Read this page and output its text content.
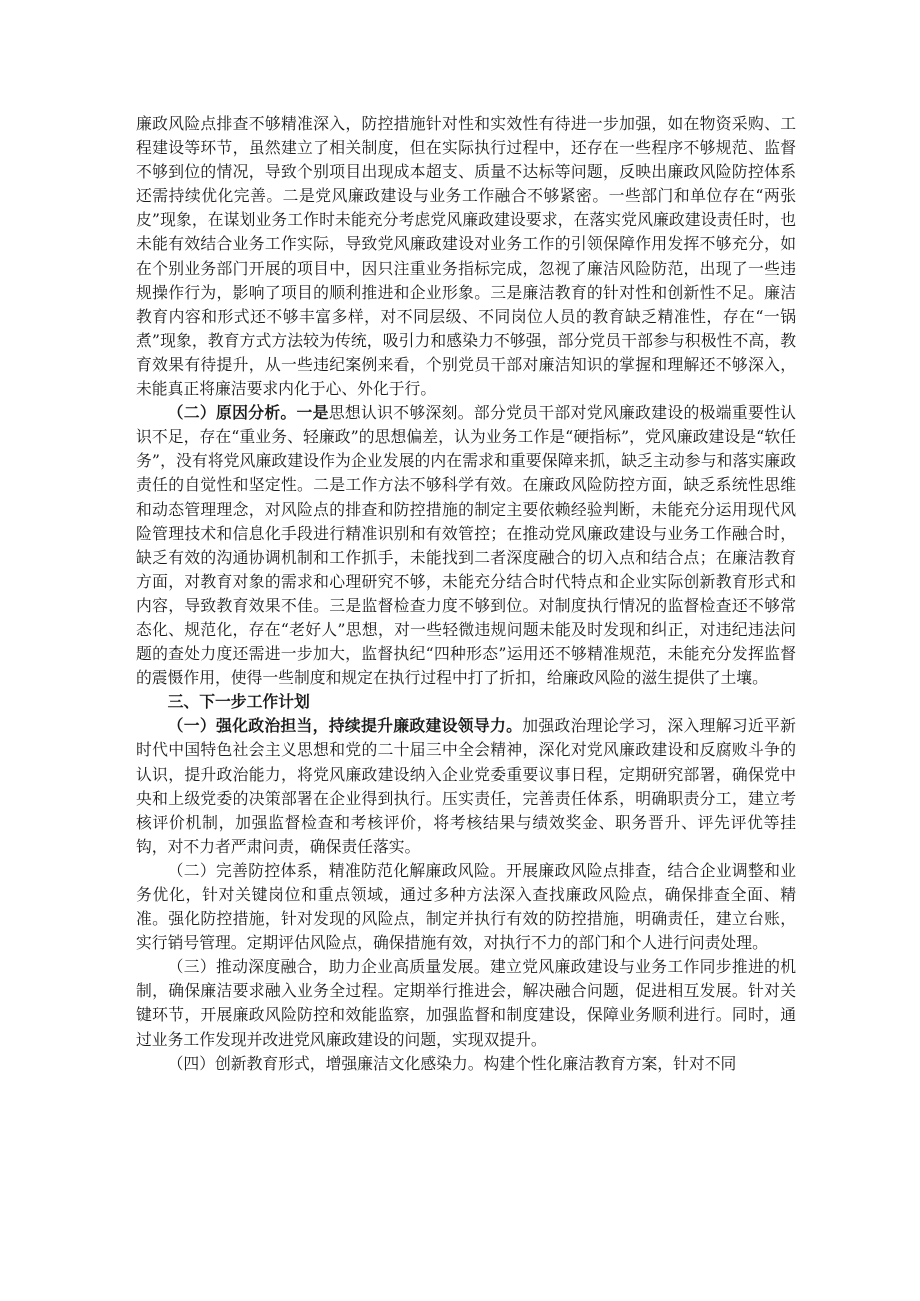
廉政风险点排查不够精准深入，防控措施针对性和实效性有待进一步加强，如在物资采购、工程建设等环节，虽然建立了相关制度，但在实际执行过程中，还存在一些程序不够规范、监督不够到位的情况，导致个别项目出现成本超支、质量不达标等问题，反映出廉政风险防控体系还需持续优化完善。二是党风廉政建设与业务工作融合不够紧密。一些部门和单位存在“两张皮”现象，在谋划业务工作时未能充分考虑党风廉政建设要求，在落实党风廉政建设责任时，也未能有效结合业务工作实际，导致党风廉政建设对业务工作的引领保障作用发挥不够充分，如在个别业务部门开展的项目中，因只注重业务指标完成，忽视了廉洁风险防范，出现了一些违规操作行为，影响了项目的顺利推进和企业形象。三是廉洁教育的针对性和创新性不足。廉洁教育内容和形式还不够丰富多样，对不同层级、不同岗位人员的教育缺乏精准性，存在“一锅煮”现象，教育方式方法较为传统，吸引力和感染力不够强，部分党员干部参与积极性不高，教育效果有待提升，从一些违纪案例来看，个别党员干部对廉洁知识的掌握和理解还不够深入，未能真正将廉洁要求内化于心、外化于行。

（二）原因分析。一是思想认识不够深刻。部分党员干部对党风廉政建设的极端重要性认识不足，存在“重业务、轻廉政”的思想偏差，认为业务工作是“硬指标”，党风廉政建设是“软任务”，没有将党风廉政建设作为企业发展的内在需求和重要保障来抓，缺乏主动参与和落实廉政责任的自觉性和坚定性。二是工作方法不够科学有效。在廉政风险防控方面，缺乏系统性思维和动态管理理念，对风险点的排查和防控措施的制定主要依赖经验判断，未能充分运用现代风险管理技术和信息化手段进行精准识别和有效管控；在推动党风廉政建设与业务工作融合时，缺乏有效的沟通协调机制和工作抓手，未能找到二者深度融合的切入点和结合点；在廉洁教育方面，对教育对象的需求和心理研究不够，未能充分结合时代特点和企业实际创新教育形式和内容，导致教育效果不佳。三是监督检查力度不够到位。对制度执行情况的监督检查还不够常态化、规范化，存在“老好人”思想，对一些轻微违规问题未能及时发现和纠正，对违纪违法问题的查处力度还需进一步加大，监督执纪“四种形态”运用还不够精准规范，未能充分发挥监督的震慑作用，使得一些制度和规定在执行过程中打了折扣，给廉政风险的滋生提供了土壤。

三、下一步工作计划

（一）强化政治担当，持续提升廉政建设领导力。加强政治理论学习，深入理解习近平新时代中国特色社会主义思想和党的二十届三中全会精神，深化对党风廉政建设和反腐败斗争的认识，提升政治能力，将党风廉政建设纳入企业党委重要议事日程，定期研究部署，确保党中央和上级党委的决策部署在企业得到执行。压实责任，完善责任体系，明确职责分工，建立考核评价机制，加强监督检查和考核评价，将考核结果与绩效奖金、职务晋升、评先评优等挂钩，对不力者严肃问责，确保责任落实。

（二）完善防控体系，精准防范化解廉政风险。开展廉政风险点排查，结合企业调整和业务优化，针对关键岗位和重点领域，通过多种方法深入查找廉政风险点，确保排查全面、精准。强化防控措施，针对发现的风险点，制定并执行有效的防控措施，明确责任，建立台账，实行销号管理。定期评估风险点，确保措施有效，对执行不力的部门和个人进行问责处理。

（三）推动深度融合，助力企业高质量发展。建立党风廉政建设与业务工作同步推进的机制，确保廉洁要求融入业务全过程。定期举行推进会，解决融合问题，促进相互发展。针对关键环节，开展廉政风险防控和效能监察，加强监督和制度建设，保障业务顺利进行。同时，通过业务工作发现并改进党风廉政建设的问题，实现双提升。

（四）创新教育形式，增强廉洁文化感染力。构建个性化廉洁教育方案，针对不同
